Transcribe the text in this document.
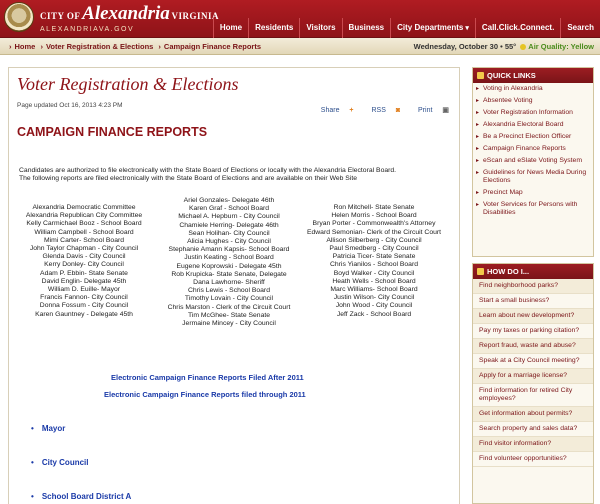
CITY OF Alexandria VIRGINIA
ALEXANDRIAVA.GOV	Home	Residents	Visitors	Business	City Departments ▾	Call.Click.Connect.	Search
› Home › Voter Registration & Elections › Campaign Finance Reports	Wednesday, October 30 • 55° Air Quality: Yellow
Voter Registration & Elections
Page updated Oct 16, 2013 4:23 PM
Share +	RSS ◙	Print ▣
CAMPAIGN FINANCE REPORTS
Candidates are authorized to file electronically with the State Board of Elections or locally with the Alexandria Electoral Board.
The following reports are filed electronically with the State Board of Elections and are available on their Web Site
Alexandria Democratic Committee
Alexandria Republican City Committee
Kelly Carmichael Booz - School Board
William Campbell - School Board
Mimi Carter- School Board
John Taylor Chapman - City Council
Glenda Davis - City Council
Kerry Donley- City Council
Adam P. Ebbin- State Senate
David Englin- Delegate 45th
William D. Euille- Mayor
Francis Fannon- City Council
Donna Fossum - City Council
Karen Gauntney - Delegate 45th
Ariel Gonzales- Delegate 46th
Karen Graf - School Board
Michael A. Hepburn - City Council
Chamiele Herring- Delegate 46th
Sean Holihan- City Council
Alicia Hughes - City Council
Stephanie Amann Kapsis- School Board
Justin Keating - School Board
Eugene Koprowski - Delegate 45th
Rob Krupicka- State Senate, Delegate
Dana Lawhorne- Sheriff
Chris Lewis - School Board
Timothy Lovain - City Council
Chris Marston - Clerk of the Circuit Court
Tim McGhee- State Senate
Jermaine Mincey - City Council
Ron Mitchell- State Senate
Helen Morris - School Board
Bryan Porter - Commonwealth's Attorney
Edward Semonian- Clerk of the Circuit Court
Allison Silberberg - City Council
Paul Smedberg - City Council
Patricia Ticer- State Senate
Chris Yianilos - School Board
Boyd Walker - City Council
Heath Wells - School Board
Marc Williams- School Board
Justin Wilson- City Council
John Wood - City Council
Jeff Zack - School Board
Electronic Campaign Finance Reports Filed After 2011
Electronic Campaign Finance Reports filed through 2011
• Mayor
• City Council
• School Board District A
QUICK LINKS
▸ Voting in Alexandria
▸ Absentee Voting
▸ Voter Registration Information
▸ Alexandria Electoral Board
▸ Be a Precinct Election Officer
▸ Campaign Finance Reports
▸ eScan and eSlate Voting System
▸ Guidelines for News Media During Elections
▸ Precinct Map
▸ Voter Services for Persons with Disabilities
HOW DO I...
Find neighborhood parks?
Start a small business?
Learn about new development?
Pay my taxes or parking citation?
Report fraud, waste and abuse?
Speak at a City Council meeting?
Apply for a marriage license?
Find information for retired City employees?
Get information about permits?
Search property and sales data?
Find visitor information?
Find volunteer opportunities?
